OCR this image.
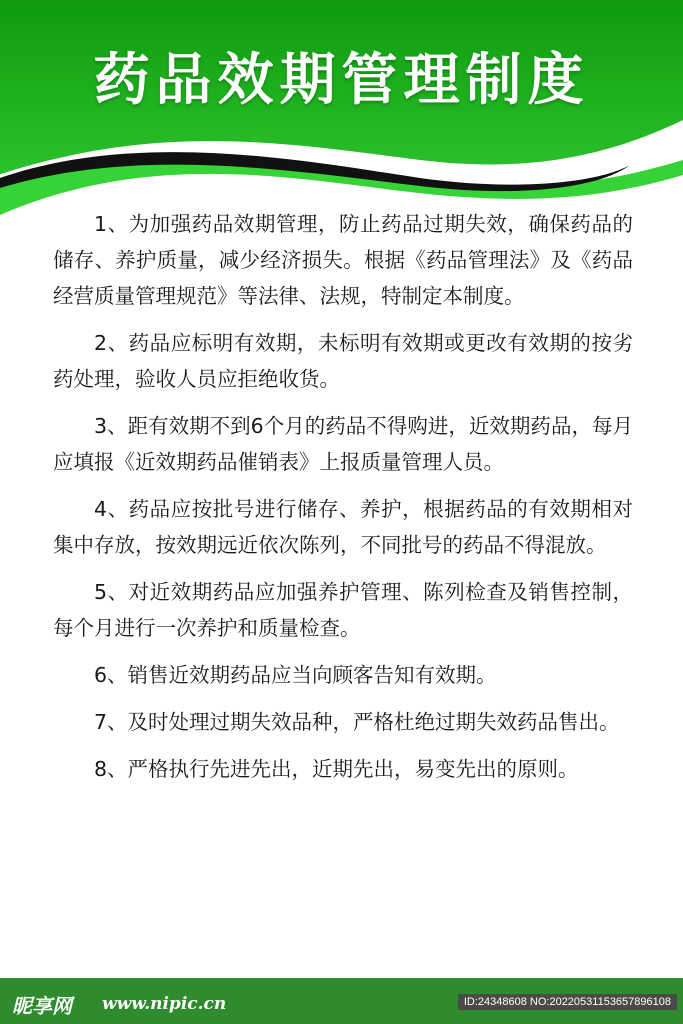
药品效期管理制度

1、为加强药品效期管理，防止药品过期失效，确保药品的储存、养护质量，减少经济损失。根据《药品管理法》及《药品经营质量管理规范》等法律、法规，特制定本制度。

2、药品应标明有效期，未标明有效期或更改有效期的按劣药处理，验收人员应拒绝收货。

3、距有效期不到6个月的药品不得购进，近效期药品，每月应填报《近效期药品催销表》上报质量管理人员。

4、药品应按批号进行储存、养护，根据药品的有效期相对集中存放，按效期远近依次陈列，不同批号的药品不得混放。

5、对近效期药品应加强养护管理、陈列检查及销售控制，每个月进行一次养护和质量检查。

6、销售近效期药品应当向顾客告知有效期。

7、及时处理过期失效品种，严格杜绝过期失效药品售出。

8、严格执行先进先出，近期先出，易变先出的原则。

昵享网 www.nipic.cn	ID:24348608 NO:20220531153657896108
